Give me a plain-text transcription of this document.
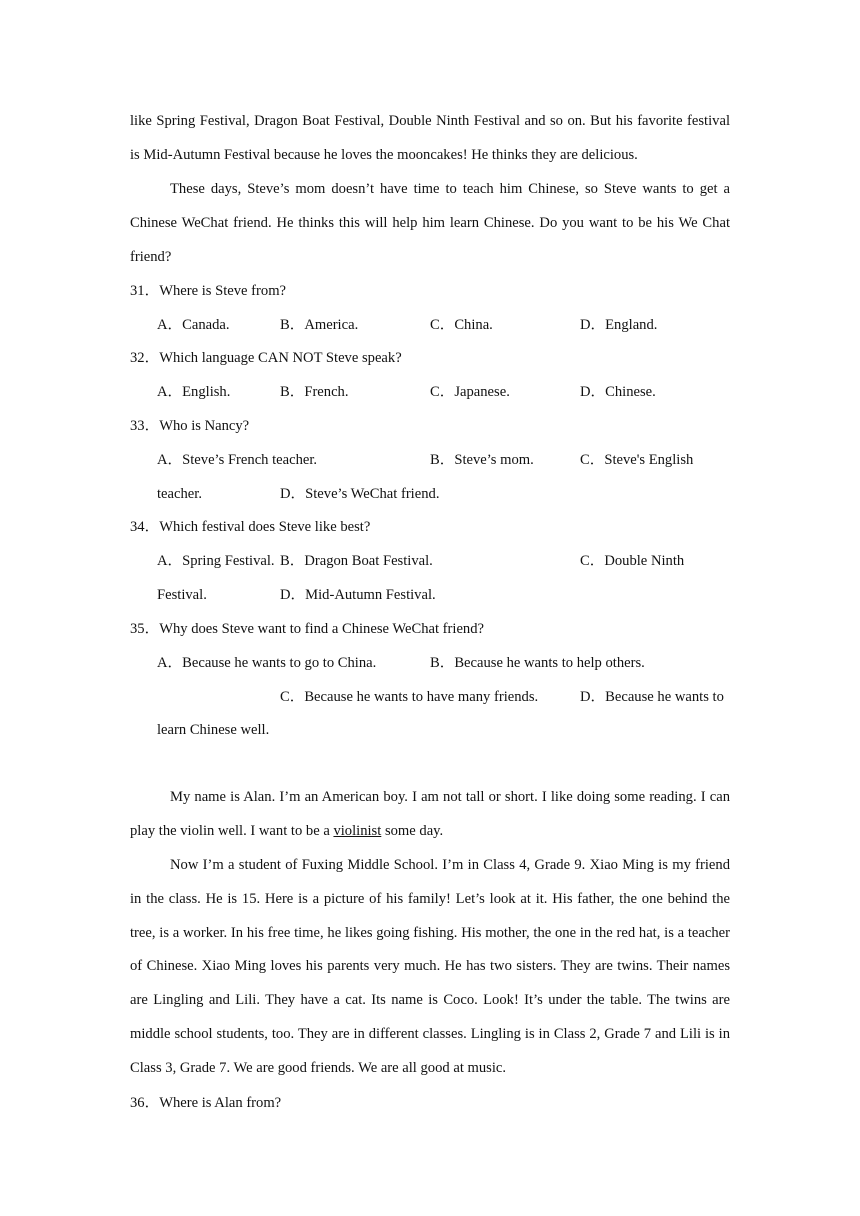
like Spring Festival, Dragon Boat Festival, Double Ninth Festival and so on. But his favorite festival is Mid-Autumn Festival because he loves the mooncakes! He thinks they are delicious.

These days, Steve’s mom doesn’t have time to teach him Chinese, so Steve wants to get a Chinese WeChat friend. He thinks this will help him learn Chinese. Do you want to be his We Chat friend?

31．Where is Steve from?

A．Canada.	B．America.	C．China.	D．England.

32．Which language CAN NOT Steve speak?

A．English.	B．French.	C．Japanese.	D．Chinese.

33．Who is Nancy?

A．Steve’s French teacher.	B．Steve’s mom.	C．Steve's English

teacher.	D．Steve’s WeChat friend.

34．Which festival does Steve like best?

A．Spring Festival. B．Dragon Boat Festival.	C．Double Ninth

Festival.	D．Mid-Autumn Festival.

35．Why does Steve want to find a Chinese WeChat friend?

A．Because he wants to go to China.	B．Because he wants to help others.

C．Because he wants to have many friends.	D．Because he wants to

learn Chinese well.

My name is Alan. I’m an American boy. I am not tall or short. I like doing some reading. I can play the violin well. I want to be a violinist some day.

Now I’m a student of Fuxing Middle School. I’m in Class 4, Grade 9. Xiao Ming is my friend in the class. He is 15. Here is a picture of his family! Let’s look at it. His father, the one behind the tree, is a worker. In his free time, he likes going fishing. His mother, the one in the red hat, is a teacher of Chinese. Xiao Ming loves his parents very much. He has two sisters. They are twins. Their names are Lingling and Lili. They have a cat. Its name is Coco. Look! It’s under the table. The twins are middle school students, too. They are in different classes. Lingling is in Class 2, Grade 7 and Lili is in Class 3, Grade 7. We are good friends. We are all good at music.

36．Where is Alan from?
